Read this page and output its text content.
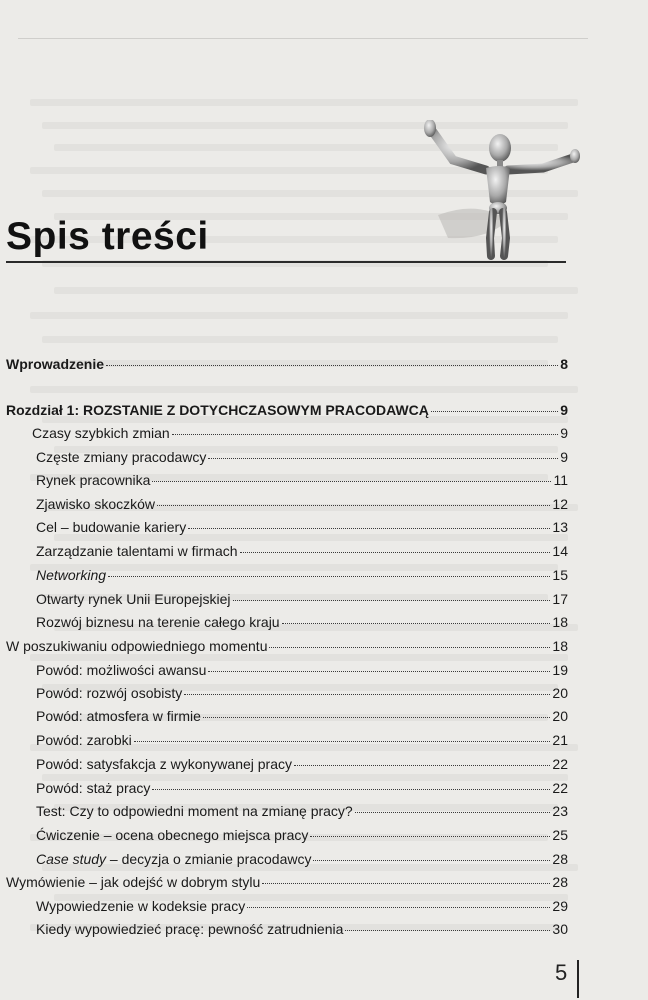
Spis treści
Wprowadzenie	8
Rozdział 1: ROZSTANIE Z DOTYCHCZASOWYM PRACODAWCĄ	9
Czasy szybkich zmian	9
Częste zmiany pracodawcy	9
Rynek pracownika	11
Zjawisko skoczków	12
Cel – budowanie kariery	13
Zarządzanie talentami w firmach	14
Networking	15
Otwarty rynek Unii Europejskiej	17
Rozwój biznesu na terenie całego kraju	18
W poszukiwaniu odpowiedniego momentu	18
Powód: możliwości awansu	19
Powód: rozwój osobisty	20
Powód: atmosfera w firmie	20
Powód: zarobki	21
Powód: satysfakcja z wykonywanej pracy	22
Powód: staż pracy	22
Test: Czy to odpowiedni moment na zmianę pracy?	23
Ćwiczenie – ocena obecnego miejsca pracy	25
Case study – decyzja o zmianie pracodawcy	28
Wymówienie – jak odejść w dobrym stylu	28
Wypowiedzenie w kodeksie pracy	29
Kiedy wypowiedzieć pracę: pewność zatrudnienia	30
5
